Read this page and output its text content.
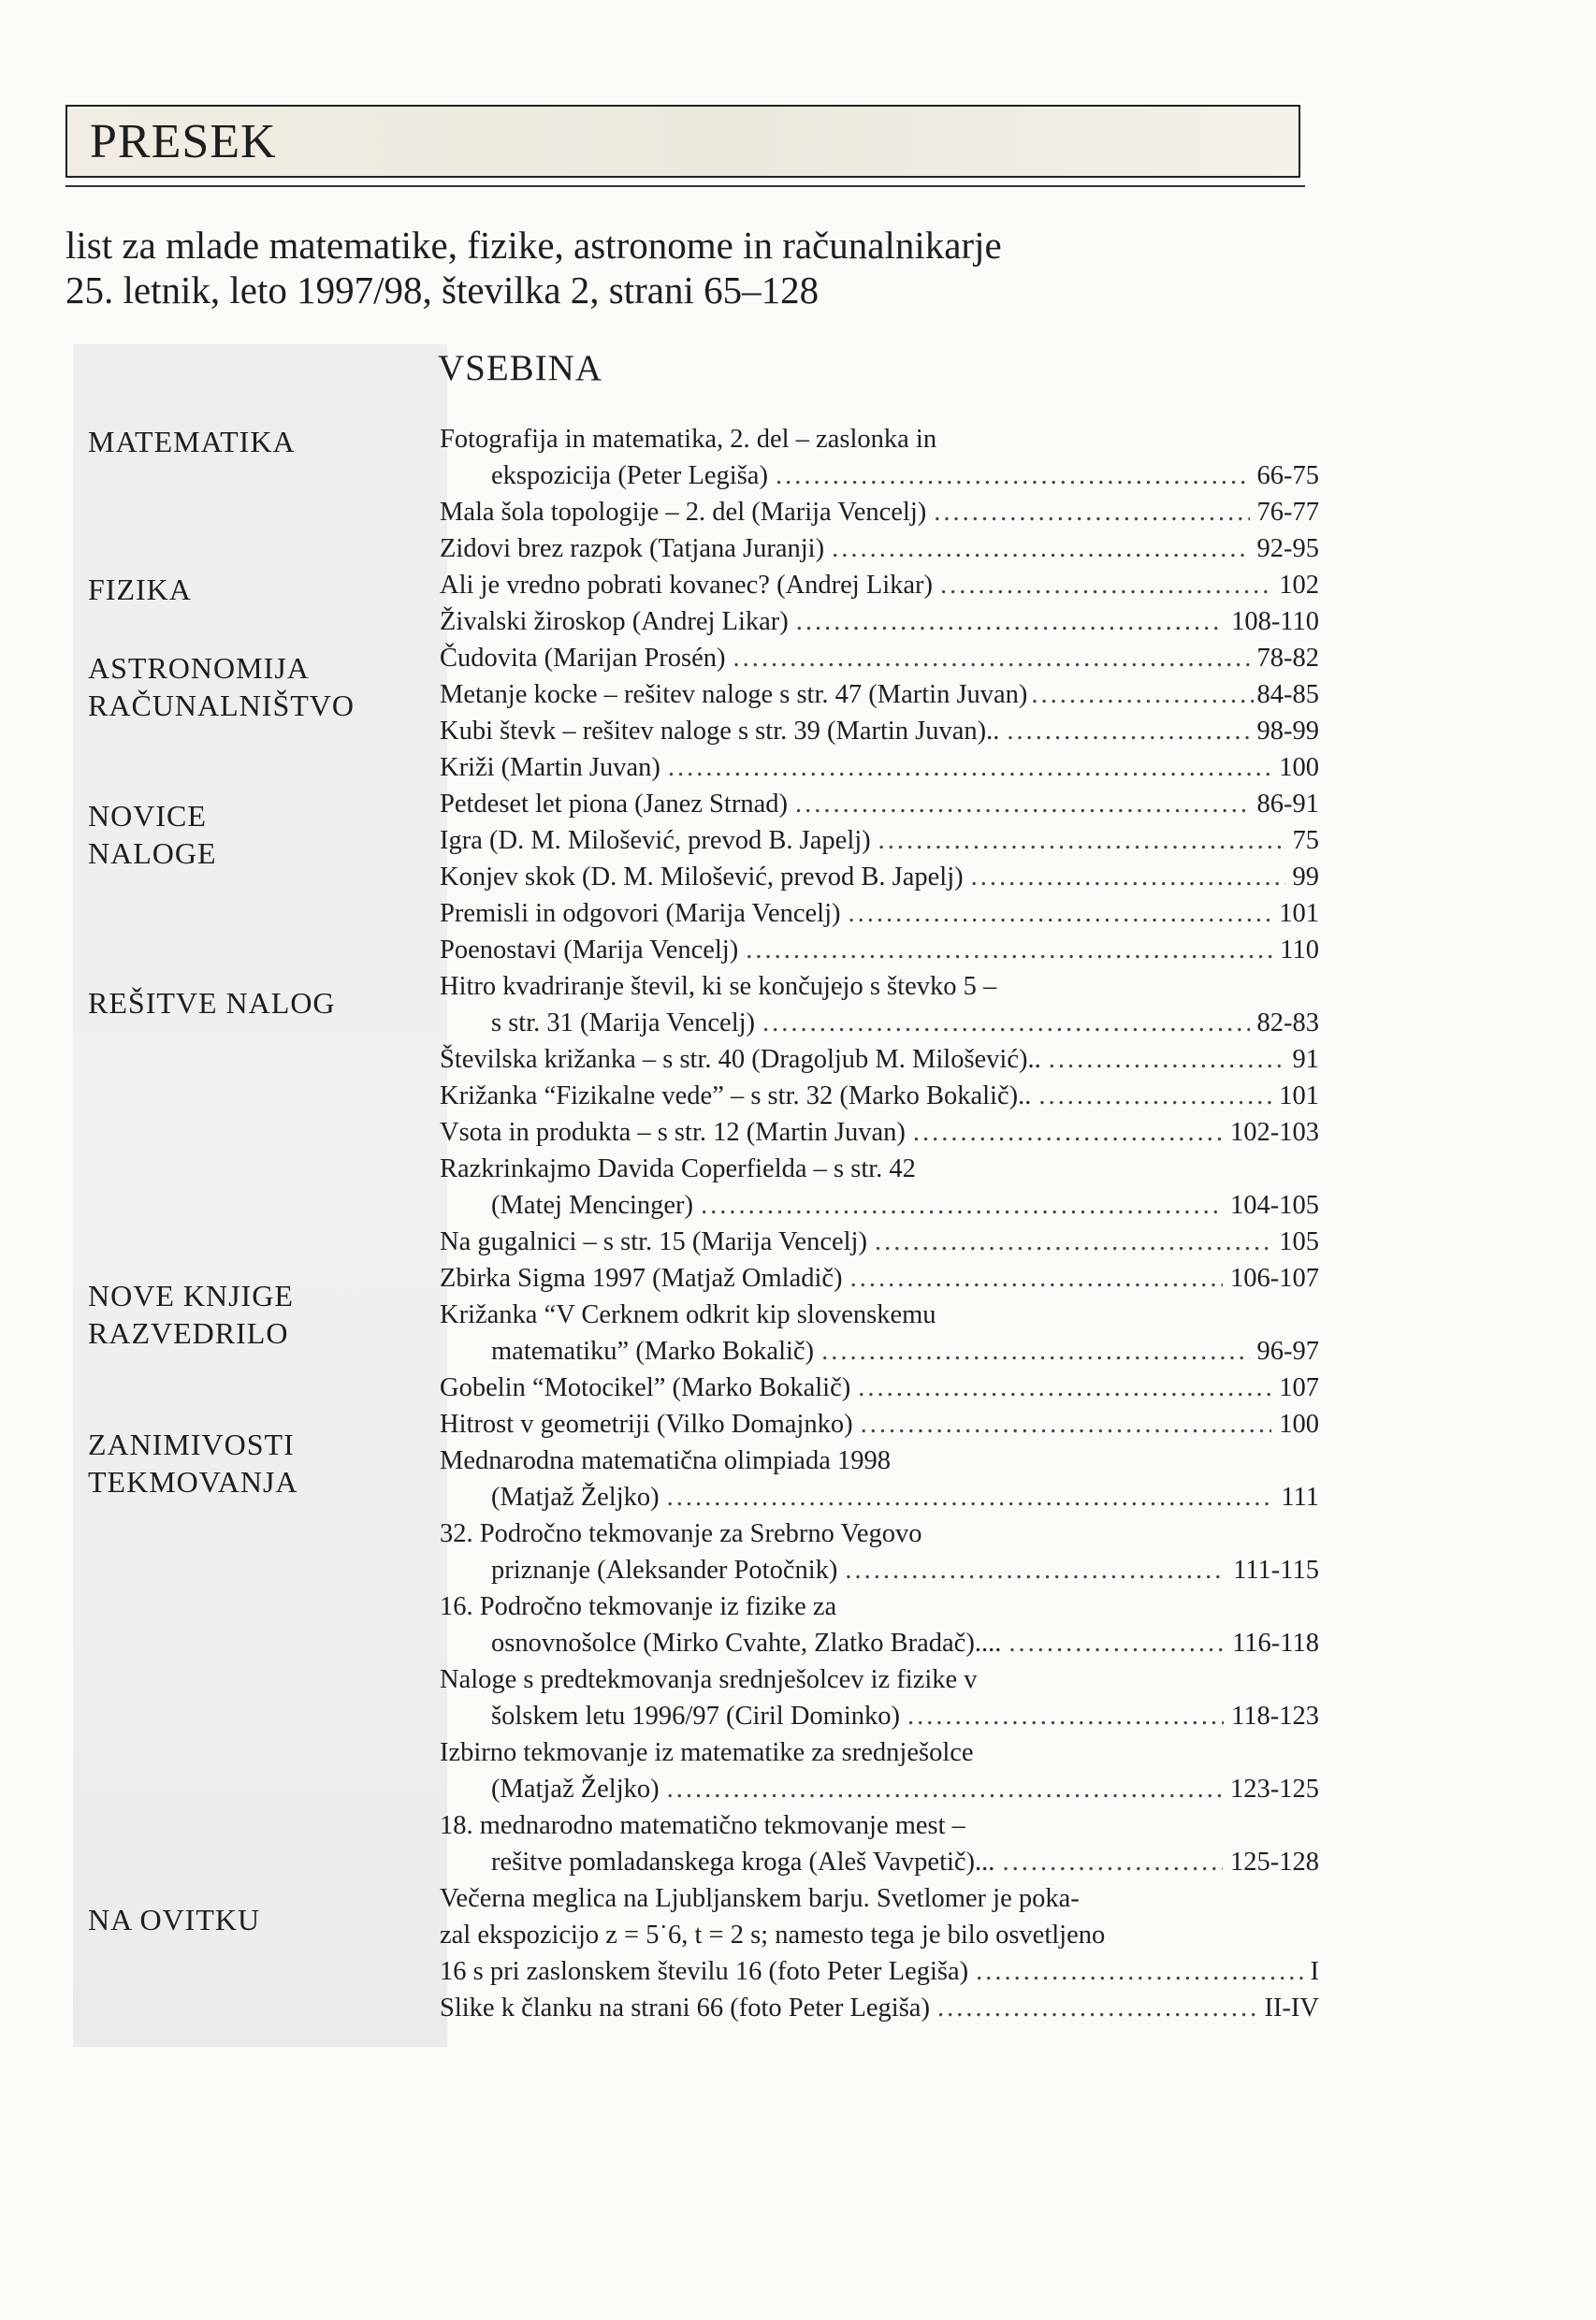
PRESEK
list za mlade matematike, fizike, astronome in računalnikarje
25. letnik, leto 1997/98, številka 2, strani 65–128
VSEBINA
MATEMATIKA
FIZIKA
ASTRONOMIJA
RAČUNALNIŠTVO
NOVICE
NALOGE
REŠITVE NALOG
NOVE KNJIGE
RAZVEDRILO
ZANIMIVOSTI
TEKMOVANJA
NA OVITKU
Fotografija in matematika, 2. del – zaslonka in
ekspozicija (Peter Legiša) .....	66-75
Mala šola topologije – 2. del (Marija Vencelj) .....	76-77
Zidovi brez razpok (Tatjana Juranji) .....	92-95
Ali je vredno pobrati kovanec? (Andrej Likar) .....	102
Živalski žiroskop (Andrej Likar) .....	108-110
Čudovita (Marijan Prosén) .....	78-82
Metanje kocke – rešitev naloge s str. 47 (Martin Juvan) .....	84-85
Kubi števk – rešitev naloge s str. 39 (Martin Juvan).. .....	98-99
Križi (Martin Juvan) .....	100
Petdeset let piona (Janez Strnad) .....	86-91
Igra (D. M. Milošević, prevod B. Japelj) .....	75
Konjev skok (D. M. Milošević, prevod B. Japelj) .....	99
Premisli in odgovori (Marija Vencelj) .....	101
Poenostavi (Marija Vencelj) .....	110
Hitro kvadriranje števil, ki se končujejo s števko 5 –
s str. 31 (Marija Vencelj) .....	82-83
Številska križanka – s str. 40 (Dragoljub M. Milošević).. .....	91
Križanka “Fizikalne vede” – s str. 32 (Marko Bokalič).. .....	101
Vsota in produkta – s str. 12 (Martin Juvan) .....	102-103
Razkrinkajmo Davida Coperfielda – s str. 42
(Matej Mencinger) .....	104-105
Na gugalnici – s str. 15 (Marija Vencelj) .....	105
Zbirka Sigma 1997 (Matjaž Omladič) .....	106-107
Križanka “V Cerknem odkrit kip slovenskemu
matematiku” (Marko Bokalič) .....	96-97
Gobelin “Motocikel” (Marko Bokalič) .....	107
Hitrost v geometriji (Vilko Domajnko) .....	100
Mednarodna matematična olimpiada 1998
(Matjaž Željko) .....	111
32. Področno tekmovanje za Srebrno Vegovo
priznanje (Aleksander Potočnik) .....	111-115
16. Področno tekmovanje iz fizike za
osnovnošolce (Mirko Cvahte, Zlatko Bradač).... .....	116-118
Naloge s predtekmovanja srednješolcev iz fizike v
šolskem letu 1996/97 (Ciril Dominko) .....	118-123
Izbirno tekmovanje iz matematike za srednješolce
(Matjaž Željko) .....	123-125
18. mednarodno matematično tekmovanje mest –
rešitve pomladanskega kroga (Aleš Vavpetič)... .....	125-128
Večerna meglica na Ljubljanskem barju. Svetlomer je poka-
zal ekspozicijo z = 5˙6, t = 2 s; namesto tega je bilo osvetljeno
16 s pri zaslonskem številu 16 (foto Peter Legiša) .....	I
Slike k članku na strani 66 (foto Peter Legiša) .....	II-IV
